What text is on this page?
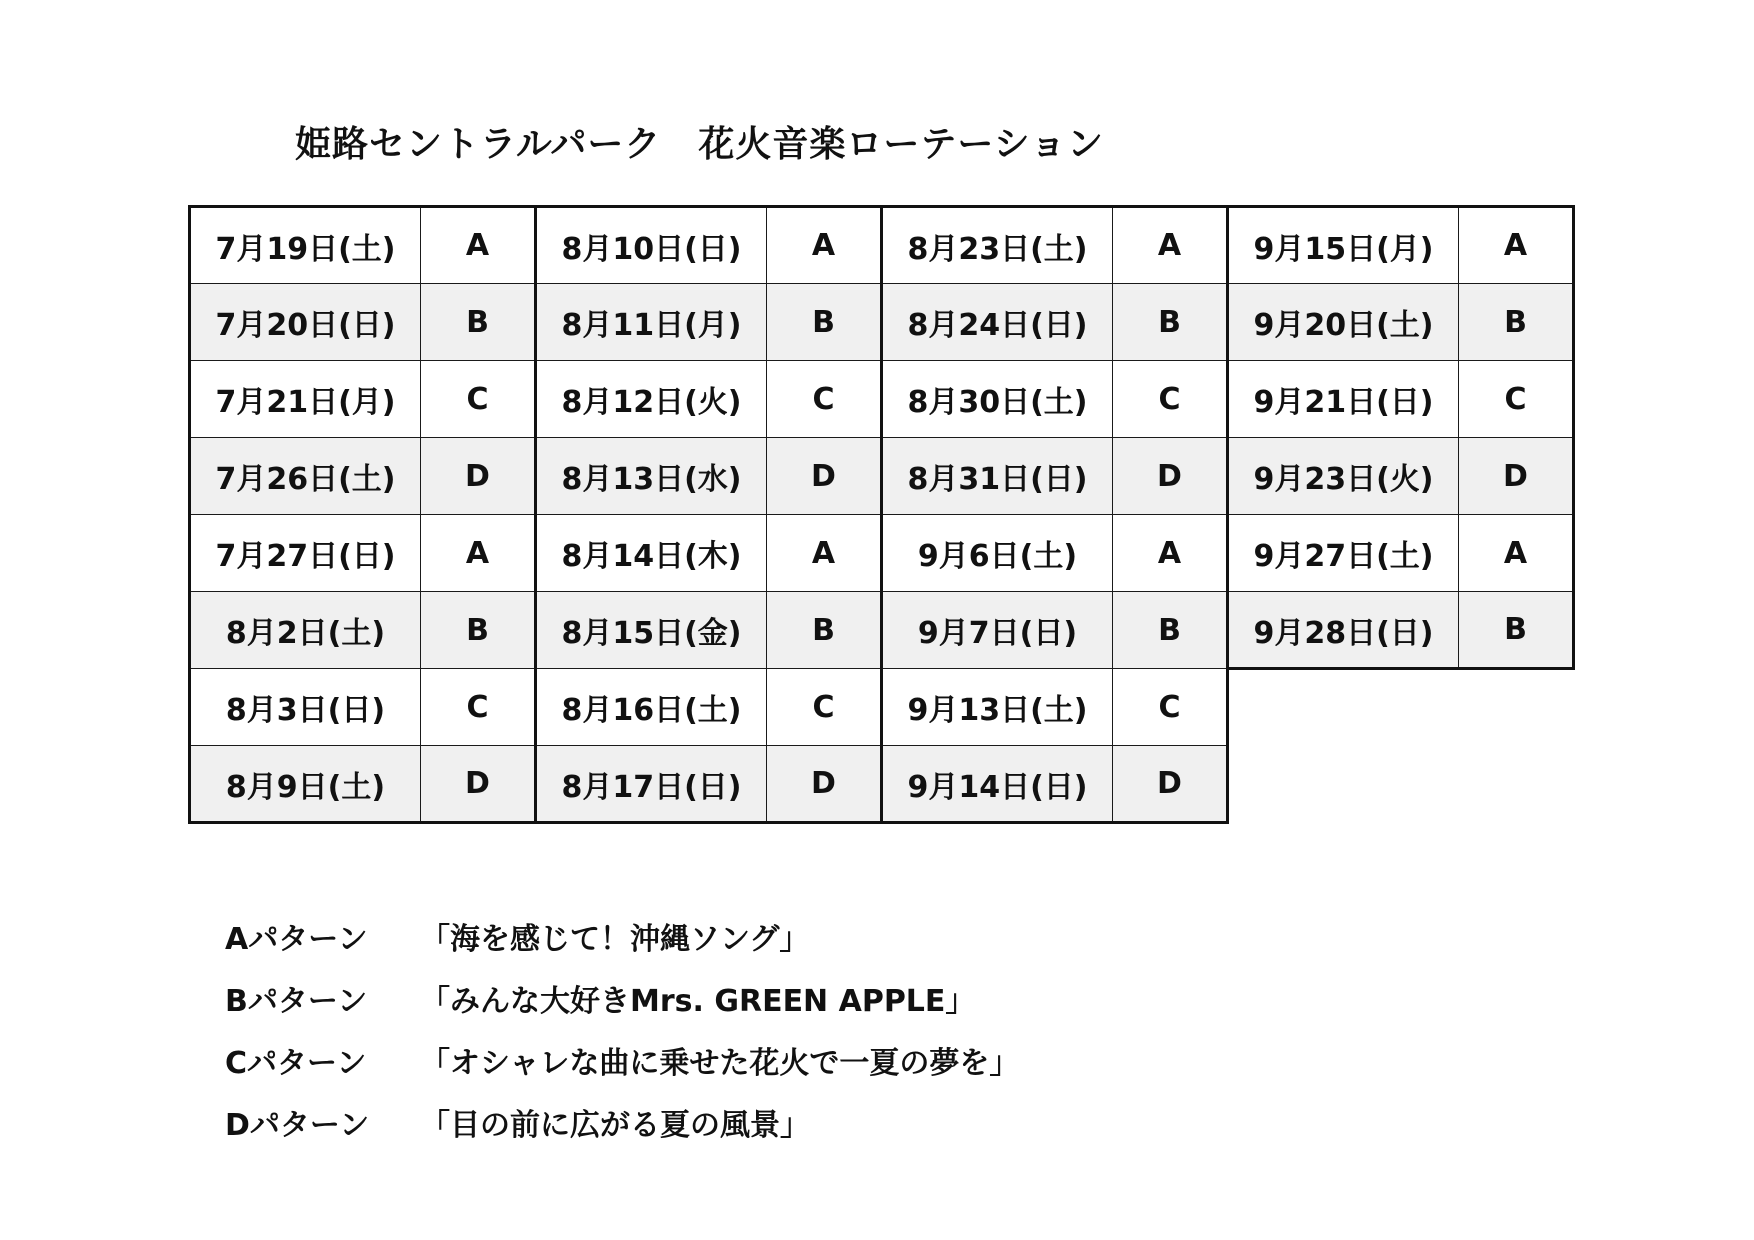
姫路セントラルパーク　花火音楽ローテーション
7月19日(土)	A	8月10日(日)	A	8月23日(土)	A	9月15日(月)	A
7月20日(日)	B	8月11日(月)	B	8月24日(日)	B	9月20日(土)	B
7月21日(月)	C	8月12日(火)	C	8月30日(土)	C	9月21日(日)	C
7月26日(土)	D	8月13日(水)	D	8月31日(日)	D	9月23日(火)	D
7月27日(日)	A	8月14日(木)	A	9月6日(土)	A	9月27日(土)	A
8月2日(土)	B	8月15日(金)	B	9月7日(日)	B	9月28日(日)	B
8月3日(日)	C	8月16日(土)	C	9月13日(土)	C		
8月9日(土)	D	8月17日(日)	D	9月14日(日)	D		
Aパターン	「海を感じて！沖縄ソング」
Bパターン	「みんな大好きMrs. GREEN APPLE」
Cパターン	「オシャレな曲に乗せた花火で一夏の夢を」
Dパターン	「目の前に広がる夏の風景」
